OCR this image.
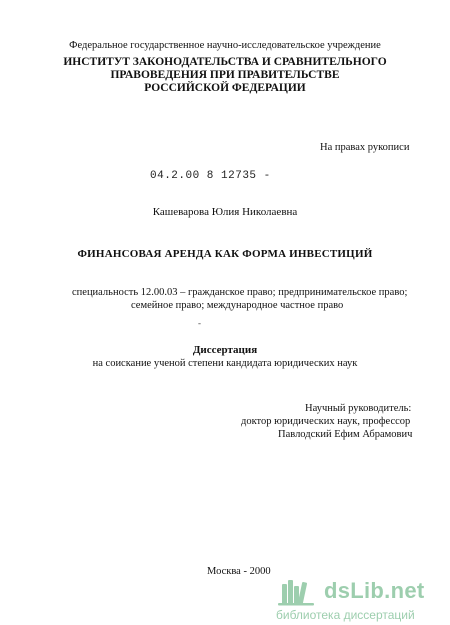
Федеральное государственное научно-исследовательское учреждение
ИНСТИТУТ ЗАКОНОДАТЕЛЬСТВА И СРАВНИТЕЛЬНОГО
ПРАВОВЕДЕНИЯ ПРИ ПРАВИТЕЛЬСТВЕ
РОССИЙСКОЙ ФЕДЕРАЦИИ
На правах рукописи
04.2.00 8 12735 -
Кашеварова Юлия Николаевна
ФИНАНСОВАЯ АРЕНДА КАК ФОРМА ИНВЕСТИЦИЙ
специальность 12.00.03 – гражданское право; предпринимательское право;
семейное право; международное частное право
-
Диссертация
на соискание ученой степени кандидата юридических наук
Научный руководитель:
доктор юридических наук, профессор
Павлодский Ефим Абрамович
Москва - 2000
dsLib.net
библиотека диссертаций
